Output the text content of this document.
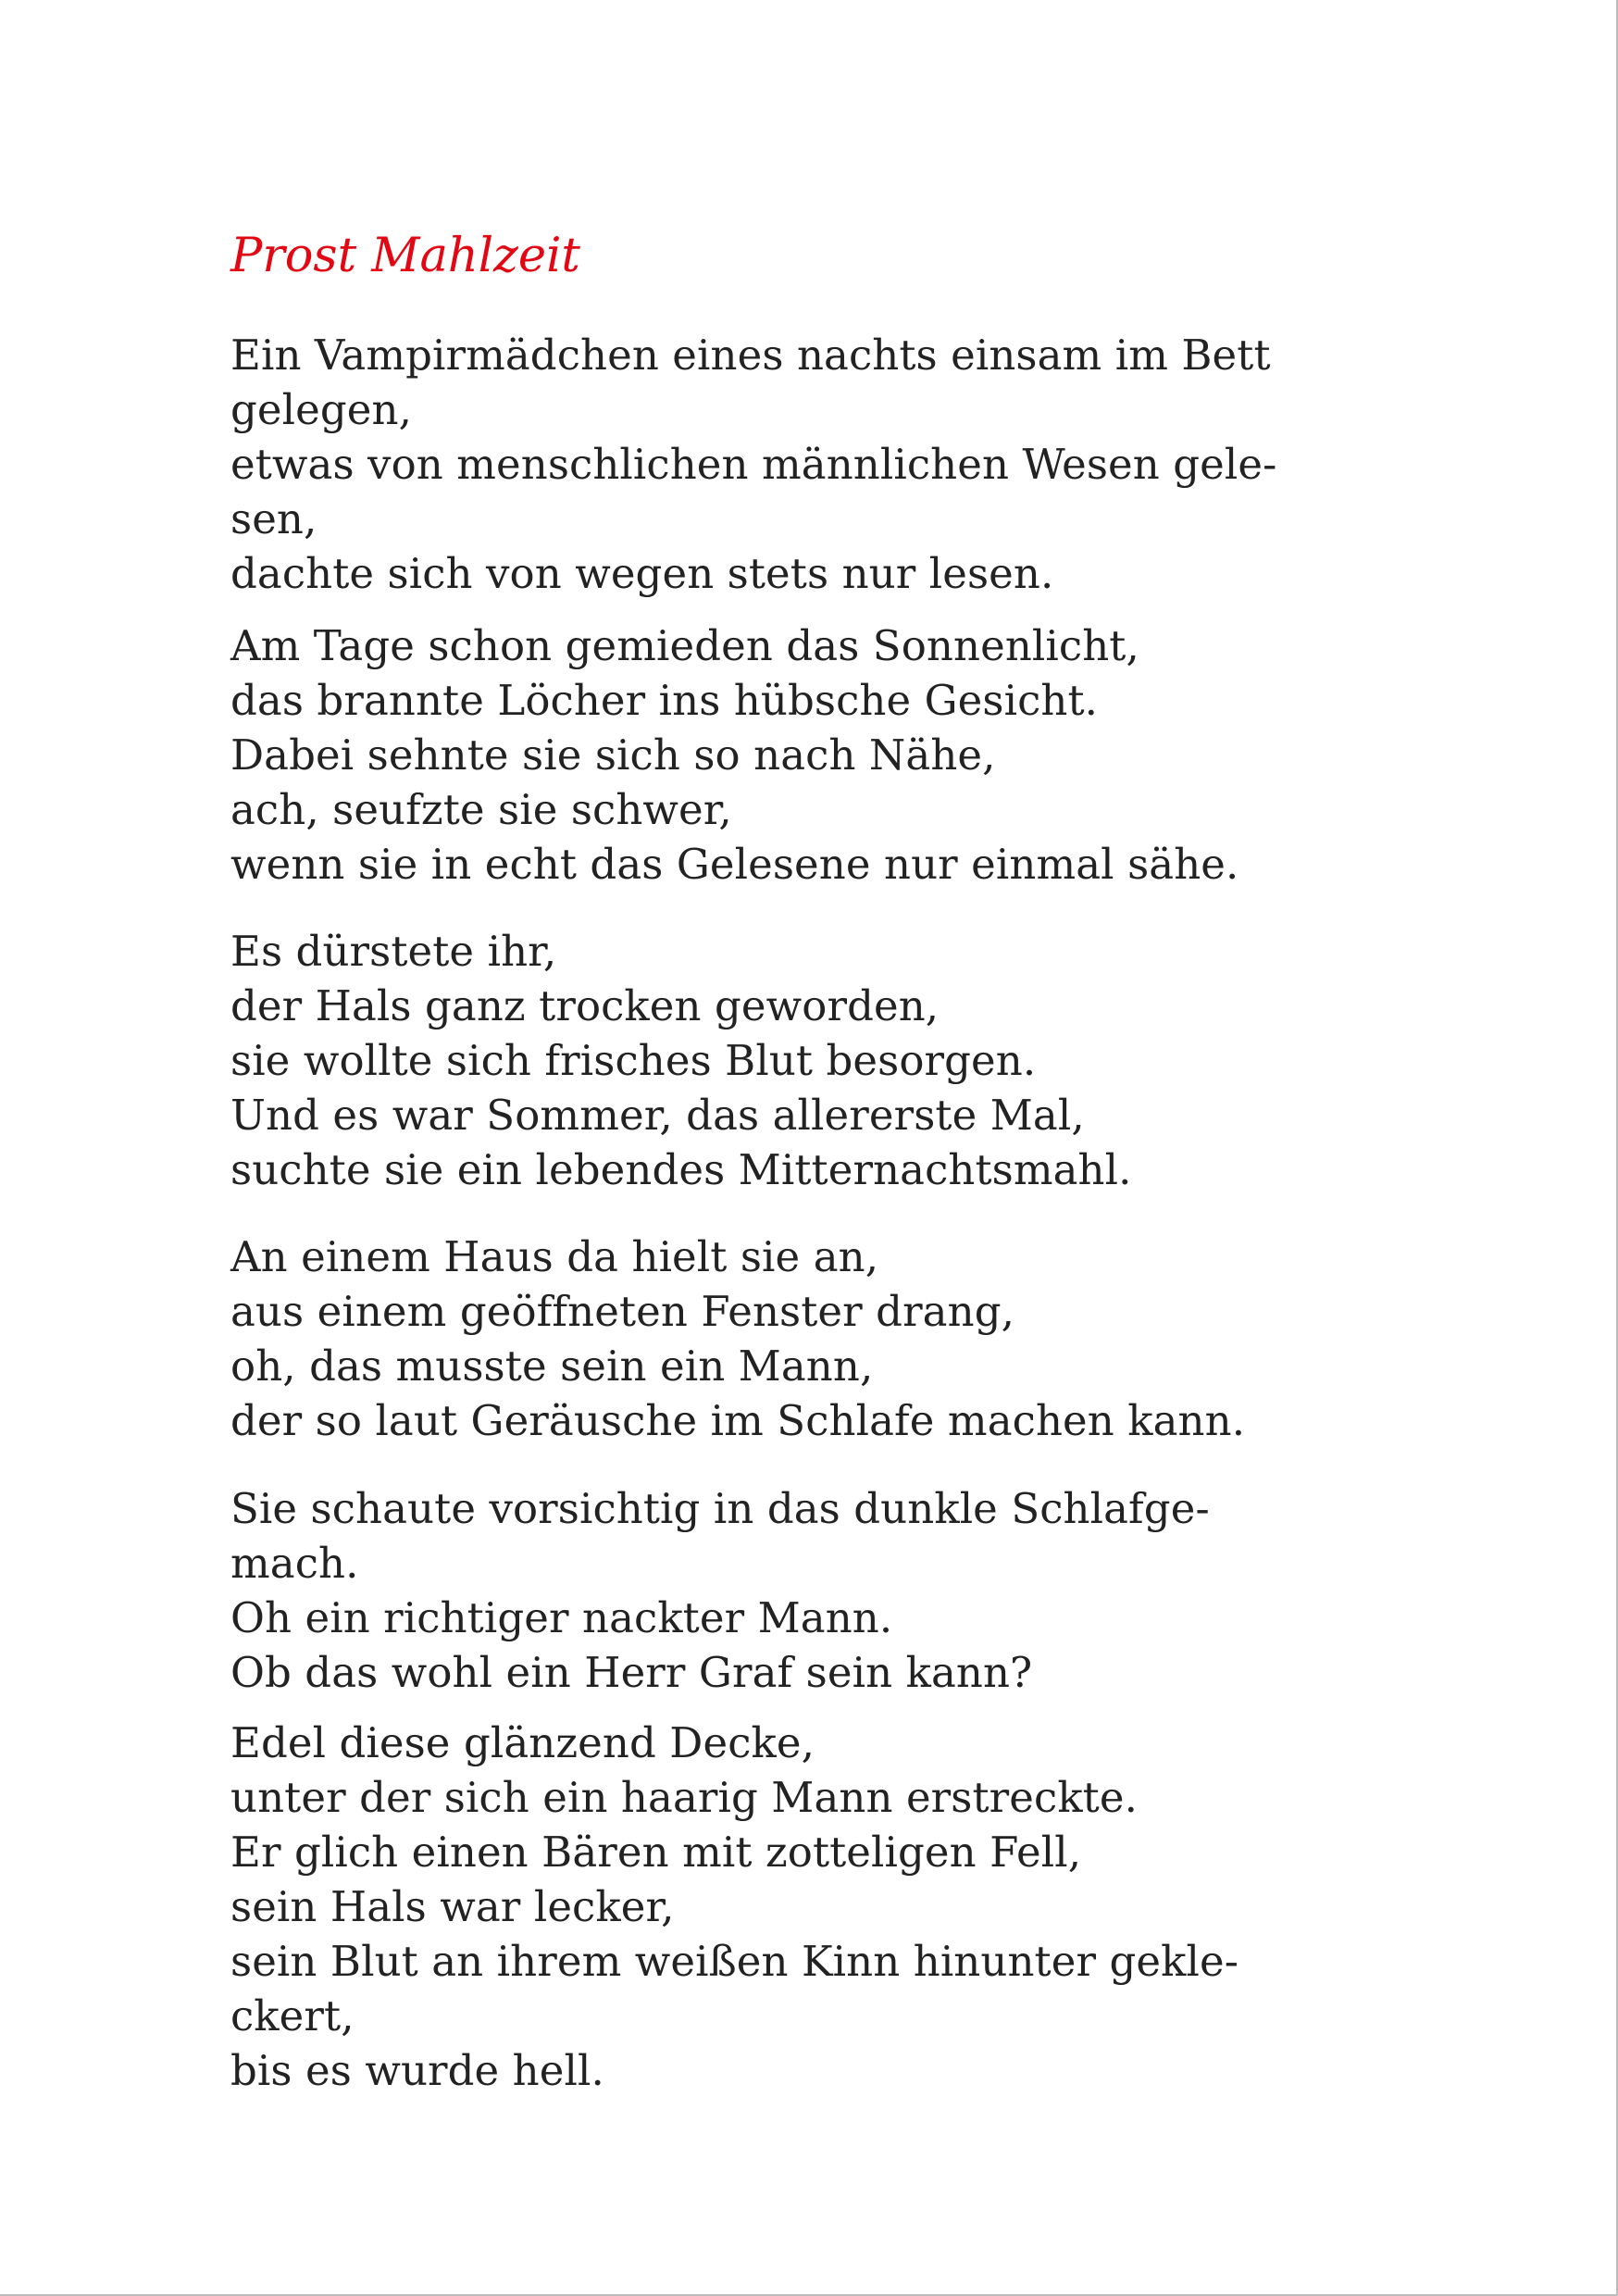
Prost Mahlzeit
Ein Vampirmädchen eines nachts einsam im Bett
gelegen,
etwas von menschlichen männlichen Wesen gele-
sen,
dachte sich von wegen stets nur lesen.
Am Tage schon gemieden das Sonnenlicht,
das brannte Löcher ins hübsche Gesicht.
Dabei sehnte sie sich so nach Nähe,
ach, seufzte sie schwer,
wenn sie in echt das Gelesene nur einmal sähe.
Es dürstete ihr,
der Hals ganz trocken geworden,
sie wollte sich frisches Blut besorgen.
Und es war Sommer, das allererste Mal,
suchte sie ein lebendes Mitternachtsmahl.
An einem Haus da hielt sie an,
aus einem geöffneten Fenster drang,
oh, das musste sein ein Mann,
der so laut Geräusche im Schlafe machen kann.
Sie schaute vorsichtig in das dunkle Schlafge-
mach.
Oh ein richtiger nackter Mann.
Ob das wohl ein Herr Graf sein kann?
Edel diese glänzend Decke,
unter der sich ein haarig Mann erstreckte.
Er glich einen Bären mit zotteligen Fell,
sein Hals war lecker,
sein Blut an ihrem weißen Kinn hinunter gekle-
ckert,
bis es wurde hell.
